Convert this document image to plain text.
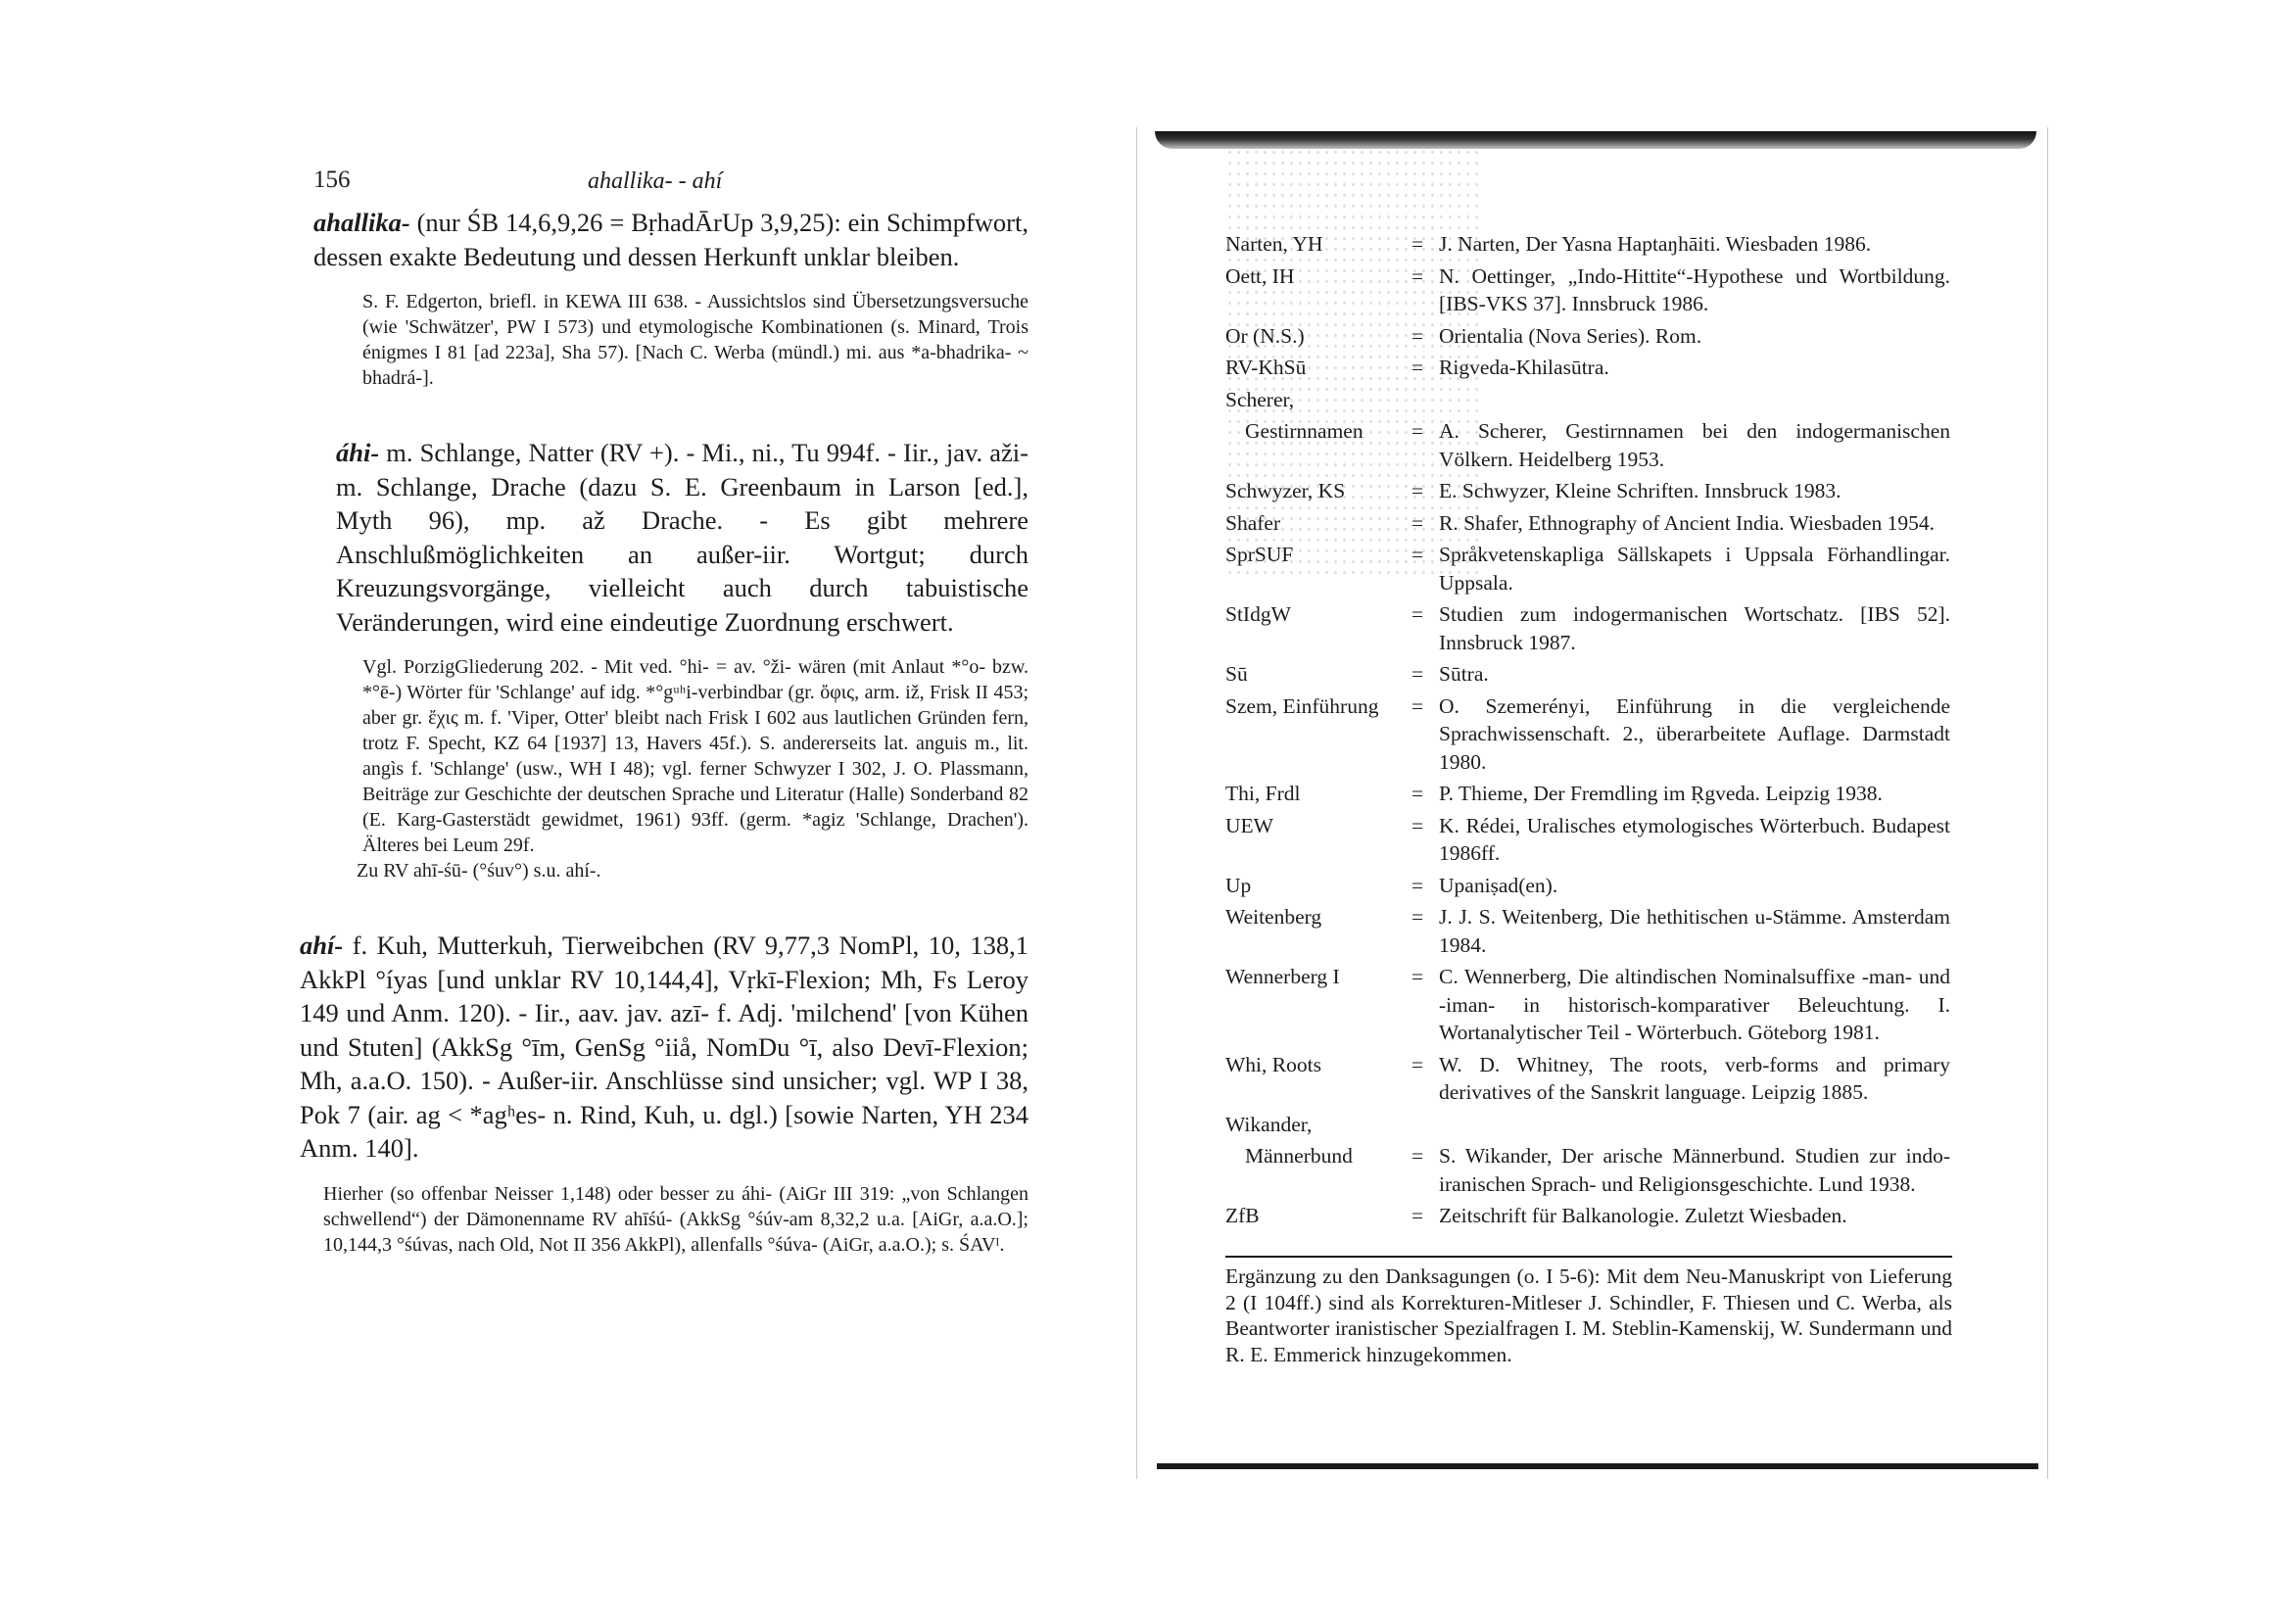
156	ahallika- - ahí
ahallika- (nur ŚB 14,6,9,26 = BṛhadĀrUp 3,9,25): ein Schimpfwort, dessen exakte Bedeutung und dessen Herkunft unklar bleiben.
S. F. Edgerton, briefl. in KEWA III 638. - Aussichtslos sind Übersetzungsversuche (wie 'Schwätzer', PW I 573) und etymologische Kombinationen (s. Minard, Trois énigmes I 81 [ad 223a], Sha 57). [Nach C. Werba (mündl.) mi. aus *a-bhadrika- ~ bhadrá-].
áhi- m. Schlange, Natter (RV +). - Mi., ni., Tu 994f. - Iir., jav. aži- m. Schlange, Drache (dazu S. E. Greenbaum in Larson [ed.], Myth 96), mp. až Drache. - Es gibt mehrere Anschlußmöglichkeiten an außer-iir. Wortgut; durch Kreuzungsvorgänge, vielleicht auch durch tabuistische Veränderungen, wird eine eindeutige Zuordnung erschwert.
Vgl. PorzigGliederung 202. - Mit ved. °hi- = av. °ži- wären (mit Anlaut *°o- bzw. *°ē-) Wörter für 'Schlange' auf idg. *°gᵘʰi-verbindbar (gr. ὄφις, arm. iž, Frisk II 453; aber gr. ἔχις m. f. 'Viper, Otter' bleibt nach Frisk I 602 aus lautlichen Gründen fern, trotz F. Specht, KZ 64 [1937] 13, Havers 45f.). S. andererseits lat. anguis m., lit. angìs f. 'Schlange' (usw., WH I 48); vgl. ferner Schwyzer I 302, J. O. Plassmann, Beiträge zur Geschichte der deutschen Sprache und Literatur (Halle) Sonderband 82 (E. Karg-Gasterstädt gewidmet, 1961) 93ff. (germ. *agiz 'Schlange, Drachen'). Älteres bei Leum 29f.
Zu RV ahī-śū- (°śuv°) s.u. ahí-.
ahí- f. Kuh, Mutterkuh, Tierweibchen (RV 9,77,3 NomPl, 10, 138,1 AkkPl °íyas [und unklar RV 10,144,4], Vṛkī-Flexion; Mh, Fs Leroy 149 und Anm. 120). - Iir., aav. jav. azī- f. Adj. 'milchend' [von Kühen und Stuten] (AkkSg °īm, GenSg °iiå, NomDu °ī, also Devī-Flexion; Mh, a.a.O. 150). - Außer-iir. Anschlüsse sind unsicher; vgl. WP I 38, Pok 7 (air. ag < *agʰes- n. Rind, Kuh, u. dgl.) [sowie Narten, YH 234 Anm. 140].
Hierher (so offenbar Neisser 1,148) oder besser zu áhi- (AiGr III 319: „von Schlangen schwellend“) der Dämonenname RV ahīśú- (AkkSg °śúv-am 8,32,2 u.a. [AiGr, a.a.O.]; 10,144,3 °śúvas, nach Old, Not II 356 AkkPl), allenfalls °śúva- (AiGr, a.a.O.); s. ŚAVᴵ.
Narten, YH	= J. Narten, Der Yasna Haptaŋhāiti. Wiesbaden 1986.
Oett, IH	= N. Oettinger, „Indo-Hittite“-Hypothese und Wortbildung. [IBS-VKS 37]. Innsbruck 1986.
Or (N.S.)	= Orientalia (Nova Series). Rom.
RV-KhSū	= Rigveda-Khilasūtra.
Scherer,
Gestirnnamen	= A. Scherer, Gestirnnamen bei den indogermanischen Völkern. Heidelberg 1953.
Schwyzer, KS	= E. Schwyzer, Kleine Schriften. Innsbruck 1983.
Shafer	= R. Shafer, Ethnography of Ancient India. Wiesbaden 1954.
SprSUF	= Språkvetenskapliga Sällskapets i Uppsala Förhandlingar. Uppsala.
StIdgW	= Studien zum indogermanischen Wortschatz. [IBS 52]. Innsbruck 1987.
Sū	= Sūtra.
Szem, Einführung	= O. Szemerényi, Einführung in die vergleichende Sprachwissenschaft. 2., überarbeitete Auflage. Darmstadt 1980.
Thi, Frdl	= P. Thieme, Der Fremdling im Ṛgveda. Leipzig 1938.
UEW	= K. Rédei, Uralisches etymologisches Wörterbuch. Budapest 1986ff.
Up	= Upaniṣad(en).
Weitenberg	= J. J. S. Weitenberg, Die hethitischen u-Stämme. Amsterdam 1984.
Wennerberg I	= C. Wennerberg, Die altindischen Nominalsuffixe -man- und -iman- in historisch-komparativer Beleuchtung. I. Wortanalytischer Teil - Wörterbuch. Göteborg 1981.
Whi, Roots	= W. D. Whitney, The roots, verb-forms and primary derivatives of the Sanskrit language. Leipzig 1885.
Wikander,
Männerbund	= S. Wikander, Der arische Männerbund. Studien zur indo-iranischen Sprach- und Religionsgeschichte. Lund 1938.
ZfB	= Zeitschrift für Balkanologie. Zuletzt Wiesbaden.
Ergänzung zu den Danksagungen (o. I 5-6): Mit dem Neu-Manuskript von Lieferung 2 (I 104ff.) sind als Korrekturen-Mitleser J. Schindler, F. Thiesen und C. Werba, als Beantworter iranistischer Spezialfragen I. M. Steblin-Kamenskij, W. Sundermann und R. E. Emmerick hinzugekommen.
